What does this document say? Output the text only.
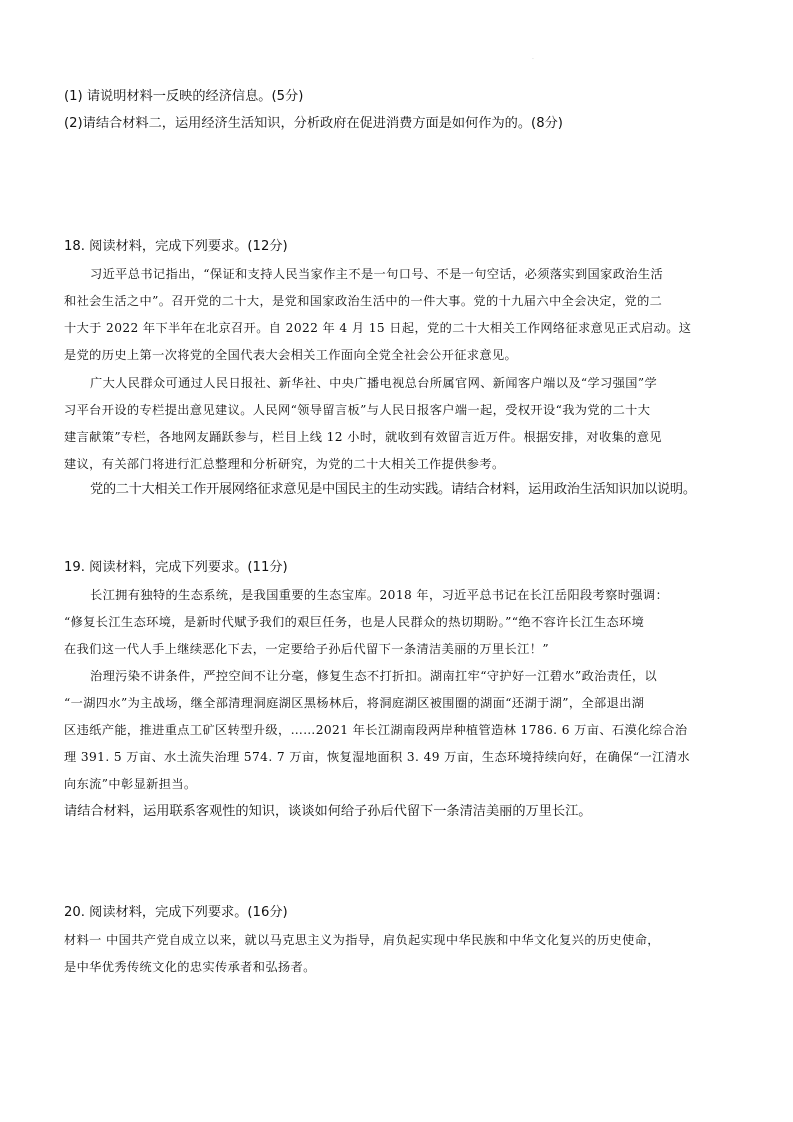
·
(1) 请说明材料一反映的经济信息。(5分)
(2)请结合材料二，运用经济生活知识，分析政府在促进消费方面是如何作为的。(8分)
18. 阅读材料，完成下列要求。(12分)
习近平总书记指出，“保证和支持人民当家作主不是一句口号、不是一句空话，必须落实到国家政治生活
和社会生活之中”。召开党的二十大，是党和国家政治生活中的一件大事。党的十九届六中全会决定，党的二
十大于 2022 年下半年在北京召开。自 2022 年 4 月 15 日起，党的二十大相关工作网络征求意见正式启动。这
是党的历史上第一次将党的全国代表大会相关工作面向全党全社会公开征求意见。
广大人民群众可通过人民日报社、新华社、中央广播电视总台所属官网、新闻客户端以及“学习强国”学
习平台开设的专栏提出意见建议。人民网“领导留言板”与人民日报客户端一起，受权开设“我为党的二十大
建言献策”专栏，各地网友踊跃参与，栏目上线 12 小时，就收到有效留言近万件。根据安排，对收集的意见
建议，有关部门将进行汇总整理和分析研究，为党的二十大相关工作提供参考。
党的二十大相关工作开展网络征求意见是中国民主的生动实践。请结合材料，运用政治生活知识加以说明。
19. 阅读材料，完成下列要求。(11分)
长江拥有独特的生态系统，是我国重要的生态宝库。2018 年，习近平总书记在长江岳阳段考察时强调：
“修复长江生态环境，是新时代赋予我们的艰巨任务，也是人民群众的热切期盼。”“绝不容许长江生态环境
在我们这一代人手上继续恶化下去，一定要给子孙后代留下一条清洁美丽的万里长江！”
治理污染不讲条件，严控空间不让分毫，修复生态不打折扣。湖南扛牢“守护好一江碧水”政治责任，以
“一湖四水”为主战场，继全部清理洞庭湖区黑杨林后，将洞庭湖区被围圈的湖面“还湖于湖”，全部退出湖
区违纸产能，推进重点工矿区转型升级，……2021 年长江湖南段两岸种植管造林 1786. 6 万亩、石漠化综合治
理 391. 5 万亩、水土流失治理 574. 7 万亩，恢复湿地面积 3. 49 万亩，生态环境持续向好，在确保“一江清水
向东流”中彰显新担当。
请结合材料，运用联系客观性的知识，谈谈如何给子孙后代留下一条清洁美丽的万里长江。
20. 阅读材料，完成下列要求。(16分)
材料一 中国共产党自成立以来，就以马克思主义为指导，肩负起实现中华民族和中华文化复兴的历史使命，
是中华优秀传统文化的忠实传承者和弘扬者。
